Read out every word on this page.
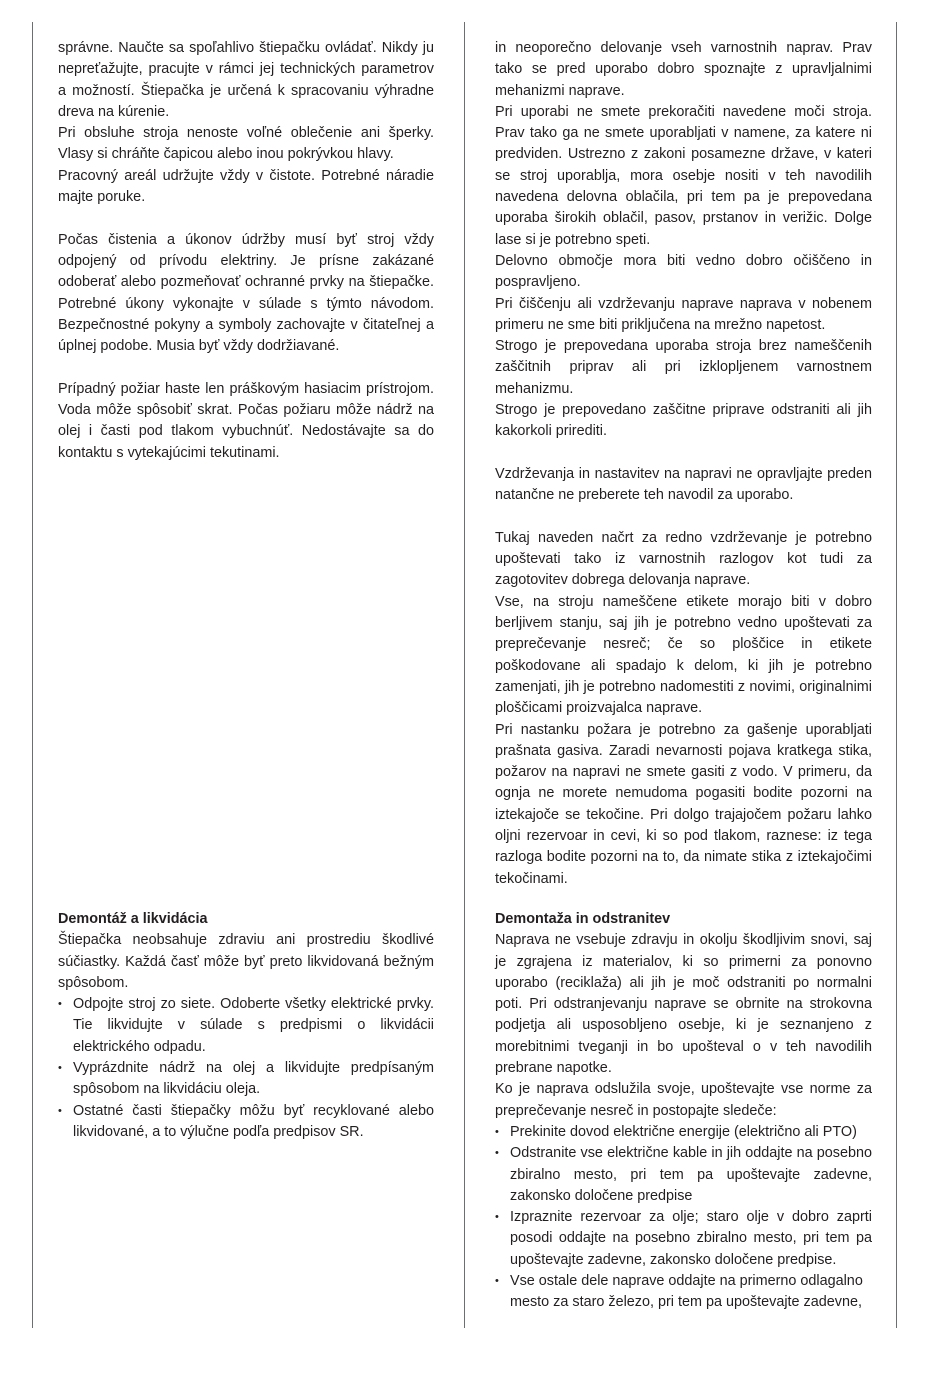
správne. Naučte sa spoľahlivo štiepačku ovládať. Nikdy ju nepreťažujte, pracujte v rámci jej technických parametrov a možností. Štiepačka je určená k spracovaniu výhradne dreva na kúrenie.

Pri obsluhe stroja nenoste voľné oblečenie ani šperky. Vlasy si chráňte čapicou alebo inou pokrývkou hlavy.

Pracovný areál udržujte vždy v čistote. Potrebné náradie majte poruke.

Počas čistenia a úkonov údržby musí byť stroj vždy odpojený od prívodu elektriny. Je prísne zakázané odoberať alebo pozmeňovať ochranné prvky na štiepačke. Potrebné úkony vykonajte v súlade s týmto návodom. Bezpečnostné pokyny a symboly zachovajte v čitateľnej a úplnej podobe. Musia byť vždy dodržiavané.

Prípadný požiar haste len práškovým hasiacim prístrojom. Voda môže spôsobiť skrat. Počas požiaru môže nádrž na olej i časti pod tlakom vybuchnúť. Nedostávajte sa do kontaktu s vytekajúcimi tekutinami.

Demontáž a likvidácia

Štiepačka neobsahuje zdraviu ani prostrediu škodlivé súčiastky. Každá časť môže byť preto likvidovaná bežným spôsobom.

• Odpojte stroj zo siete. Odoberte všetky elektrické prvky. Tie likvidujte v súlade s predpismi o likvidácii elektrického odpadu.
• Vyprázdnite nádrž na olej a likvidujte predpísaným spôsobom na likvidáciu oleja.
• Ostatné časti štiepačky môžu byť recyklované alebo likvidované, a to výlučne podľa predpisov SR.

in neoporečno delovanje vseh varnostnih naprav. Prav tako se pred uporabo dobro spoznajte z upravljalnimi mehanizmi naprave.

Pri uporabi ne smete prekoračiti navedene moči stroja. Prav tako ga ne smete uporabljati v namene, za katere ni predviden. Ustrezno z zakoni posamezne države, v kateri se stroj uporablja, mora osebje nositi v teh navodilih navedena delovna oblačila, pri tem pa je prepovedana uporaba širokih oblačil, pasov, prstanov in verižic. Dolge lase si je potrebno speti.

Delovno območje mora biti vedno dobro očiščeno in pospravljeno.

Pri čiščenju ali vzdrževanju naprave naprava v nobenem primeru ne sme biti priključena na mrežno napetost.

Strogo je prepovedana uporaba stroja brez nameščenih zaščitnih priprav ali pri izklopljenem varnostnem mehanizmu.

Strogo je prepovedano zaščitne priprave odstraniti ali jih kakorkoli prirediti.

Vzdrževanja in nastavitev na napravi ne opravljajte preden natančne ne preberete teh navodil za uporabo.

Tukaj naveden načrt za redno vzdrževanje je potrebno upoštevati tako iz varnostnih razlogov kot tudi za zagotovitev dobrega delovanja naprave.

Vse, na stroju nameščene etikete morajo biti v dobro berljivem stanju, saj jih je potrebno vedno upoštevati za preprečevanje nesreč; če so ploščice in etikete poškodovane ali spadajo k delom, ki jih je potrebno zamenjati, jih je potrebno nadomestiti z novimi, originalnimi ploščicami proizvajalca naprave.

Pri nastanku požara je potrebno za gašenje uporabljati prašnata gasiva. Zaradi nevarnosti pojava kratkega stika, požarov na napravi ne smete gasiti z vodo. V primeru, da ognja ne morete nemudoma pogasiti bodite pozorni na iztekajoče se tekočine. Pri dolgo trajajočem požaru lahko oljni rezervoar in cevi, ki so pod tlakom, raznese: iz tega razloga bodite pozorni na to, da nimate stika z iztekajočimi tekočinami.

Demontaža in odstranitev

Naprava ne vsebuje zdravju in okolju škodljivim snovi, saj je zgrajena iz materialov, ki so primerni za ponovno uporabo (reciklaža) ali jih je moč odstraniti po normalni poti. Pri odstranjevanju naprave se obrnite na strokovna podjetja ali usposobljeno osebje, ki je seznanjeno z morebitnimi tveganji in bo upošteval o v teh navodilih prebrane napotke.

Ko je naprava odslužila svoje, upoštevajte vse norme za preprečevanje nesreč in postopajte sledeče:

• Prekinite dovod električne energije (električno ali PTO)
• Odstranite vse električne kable in jih oddajte na posebno zbiralno mesto, pri tem pa upoštevajte zadevne, zakonsko določene predpise
• Izpraznite rezervoar za olje; staro olje v dobro zaprti posodi oddajte na posebno zbiralno mesto, pri tem pa upoštevajte zadevne, zakonsko določene predpise.
• Vse ostale dele naprave oddajte na primerno odlagalno mesto za staro železo, pri tem pa upoštevajte zadevne,
